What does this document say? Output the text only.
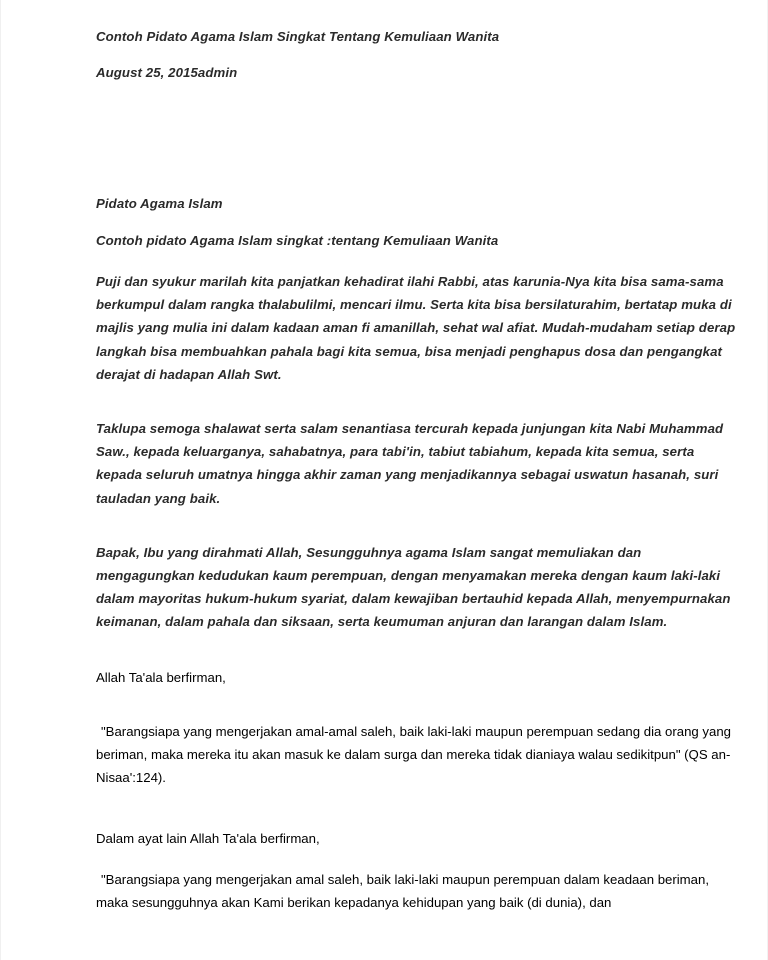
Contoh Pidato Agama Islam Singkat Tentang Kemuliaan Wanita
August 25, 2015admin
Pidato Agama Islam
Contoh pidato Agama Islam singkat :tentang Kemuliaan Wanita

Puji dan syukur marilah kita panjatkan kehadirat ilahi Rabbi, atas karunia-Nya kita bisa sama-sama berkumpul dalam rangka thalabulilmi, mencari ilmu. Serta kita bisa bersilaturahim, bertatap muka di majlis yang mulia ini dalam kadaan aman fi amanillah, sehat wal afiat. Mudah-mudaham setiap derap langkah bisa membuahkan pahala bagi kita semua, bisa menjadi penghapus dosa dan pengangkat derajat di hadapan Allah Swt.

Taklupa semoga shalawat serta salam senantiasa tercurah kepada junjungan kita Nabi Muhammad Saw., kepada keluarganya, sahabatnya, para tabi'in, tabiut tabiahum, kepada kita semua, serta kepada seluruh umatnya hingga akhir zaman yang menjadikannya sebagai uswatun hasanah, suri tauladan yang baik.

Bapak, Ibu yang dirahmati Allah, Sesungguhnya agama Islam sangat memuliakan dan mengagungkan kedudukan kaum perempuan, dengan menyamakan mereka dengan kaum laki-laki dalam mayoritas hukum-hukum syariat, dalam kewajiban bertauhid kepada Allah, menyempurnakan keimanan, dalam pahala dan siksaan, serta keumuman anjuran dan larangan dalam Islam.

Allah Ta'ala berfirman,

"Barangsiapa yang mengerjakan amal-amal saleh, baik laki-laki maupun perempuan sedang dia orang yang beriman, maka mereka itu akan masuk ke dalam surga dan mereka tidak dianiaya walau sedikitpun" (QS an-Nisaa':124).

Dalam ayat lain Allah Ta'ala berfirman,

"Barangsiapa yang mengerjakan amal saleh, baik laki-laki maupun perempuan dalam keadaan beriman, maka sesungguhnya akan Kami berikan kepadanya kehidupan yang baik (di dunia), dan
